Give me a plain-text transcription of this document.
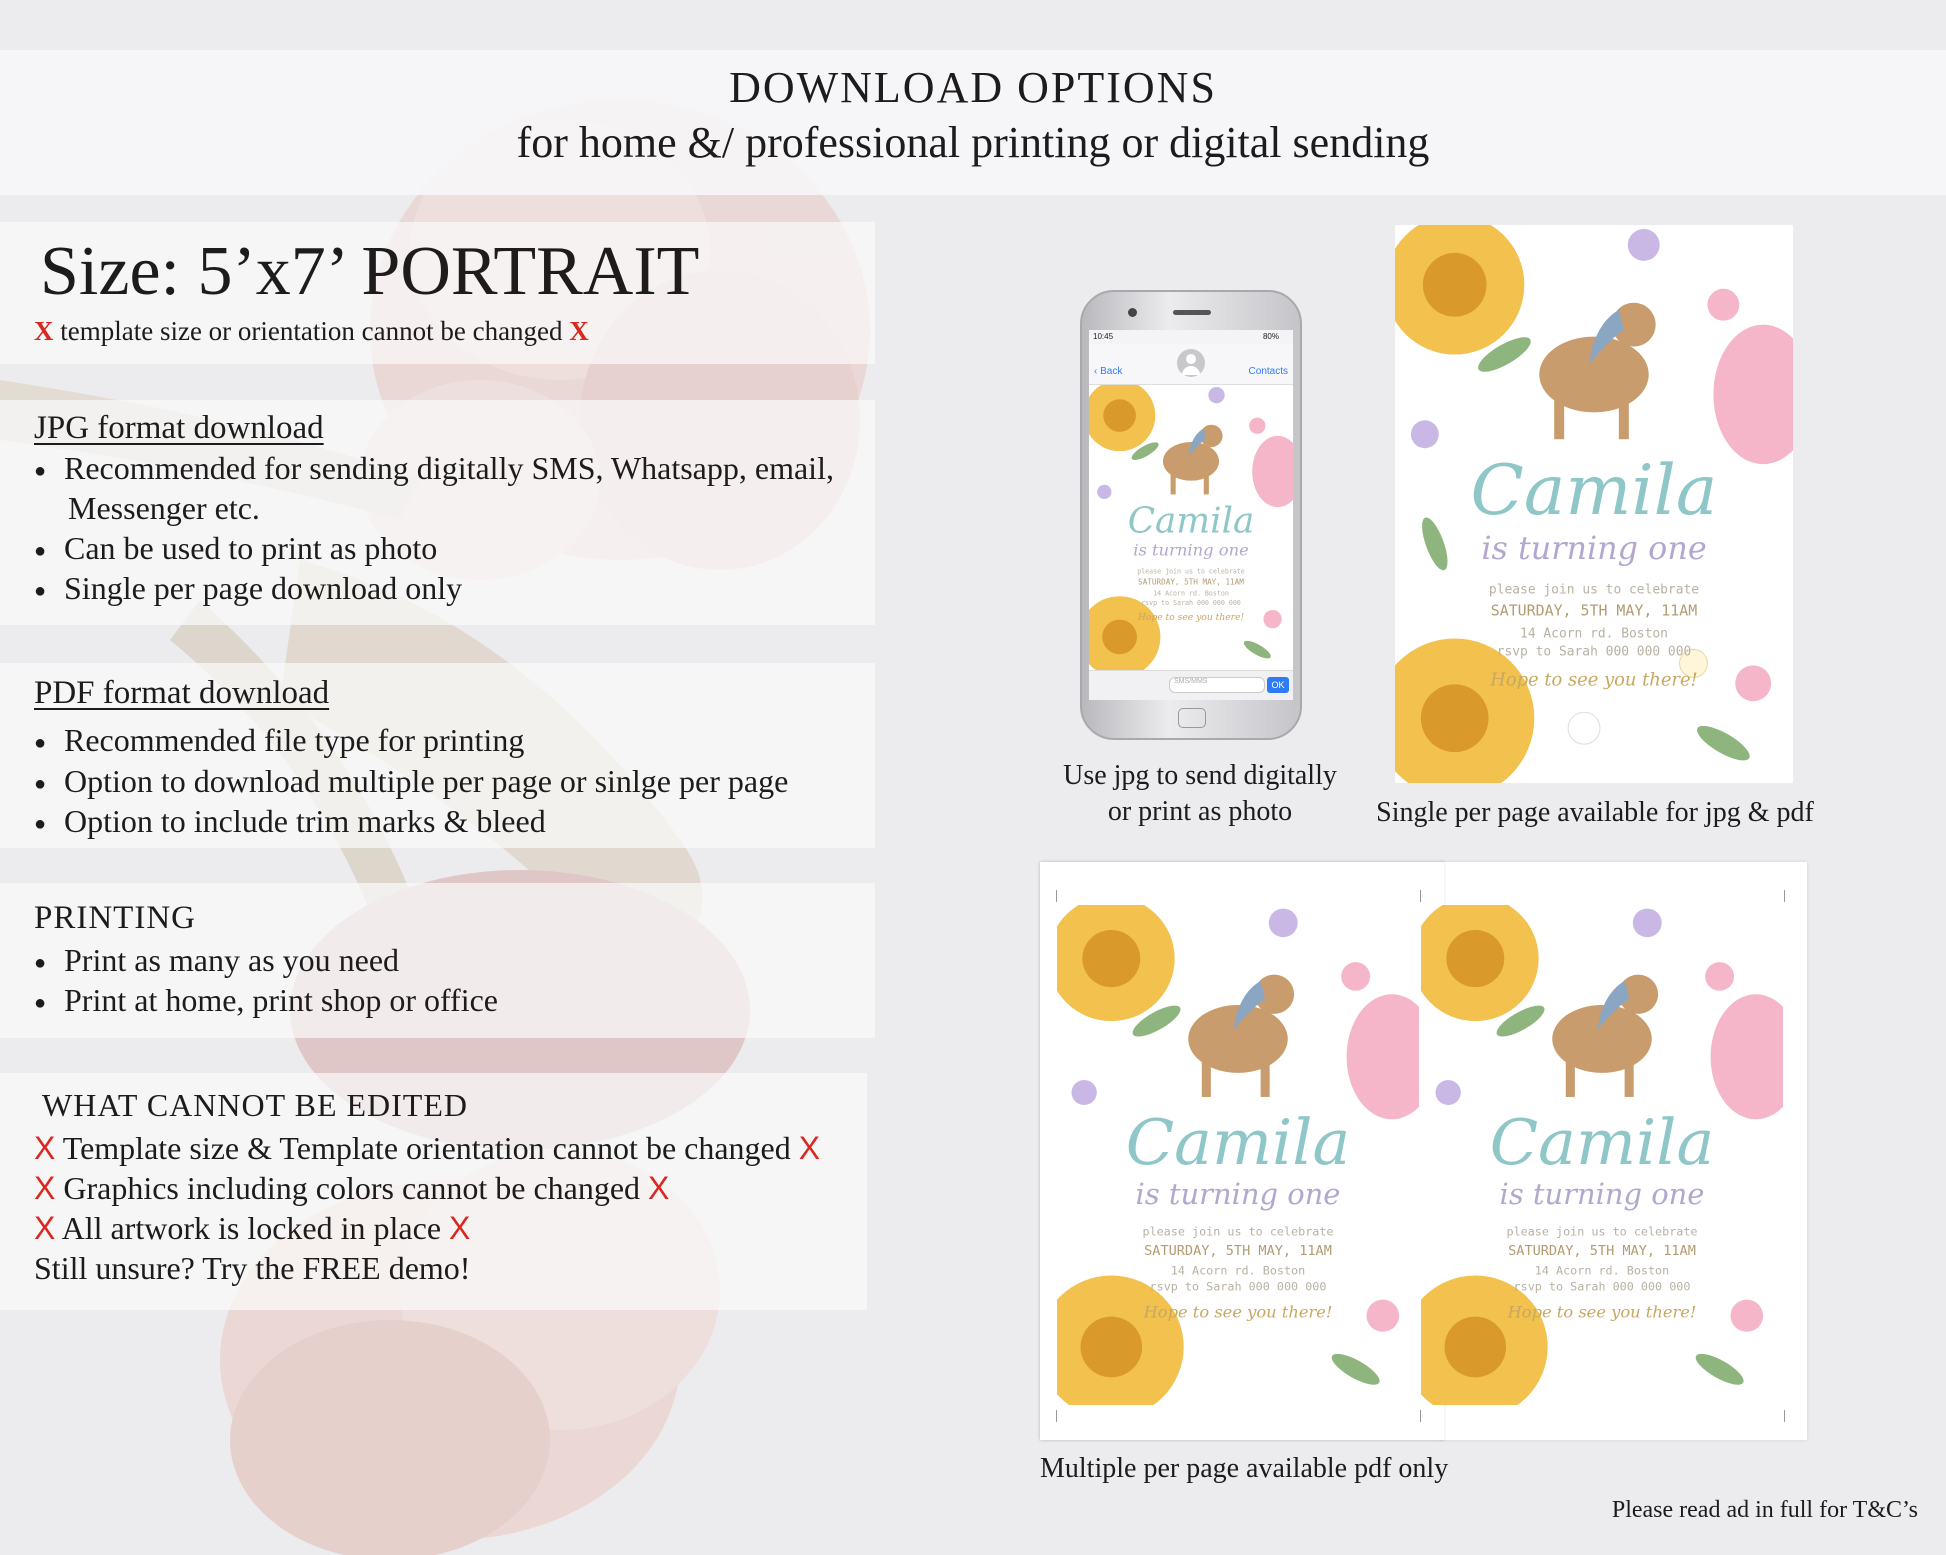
DOWNLOAD OPTIONS
for home &/ professional printing or digital sending
Size: 5’x7’ PORTRAIT
X template size or orientation cannot be changed X
JPG format download
● Recommended for sending digitally SMS, Whatsapp, email,
Messenger etc.
● Can be used to print as photo
● Single per page download only
PDF format download
● Recommended file type for printing
● Option to download multiple per page or sinlge per page
● Option to include trim marks & bleed
PRINTING
● Print as many as you need
● Print at home, print shop or office
WHAT CANNOT BE EDITED
X Template size & Template orientation cannot be changed X
X Graphics including colors cannot be changed X
X All artwork is locked in place X
Still unsure? Try the FREE demo!
10:45	80%
‹ Back	Contacts
Camila
is turning one
please join us to celebrate
SATURDAY, 5TH MAY, 11AM
14 Acorn rd. Boston
rsvp to Sarah 000 000 000
Hope to see you there!
SMS/MMS	OK
Use jpg to send digitally
or print as photo
Camila
is turning one
please join us to celebrate
SATURDAY, 5TH MAY, 11AM
14 Acorn rd. Boston
rsvp to Sarah 000 000 000
Hope to see you there!
Single per page available for jpg & pdf
Camila
is turning one
please join us to celebrate
SATURDAY, 5TH MAY, 11AM
14 Acorn rd. Boston
rsvp to Sarah 000 000 000
Hope to see you there!
Camila
is turning one
please join us to celebrate
SATURDAY, 5TH MAY, 11AM
14 Acorn rd. Boston
rsvp to Sarah 000 000 000
Hope to see you there!
Multiple per page available pdf only
Please read ad in full for T&C’s
